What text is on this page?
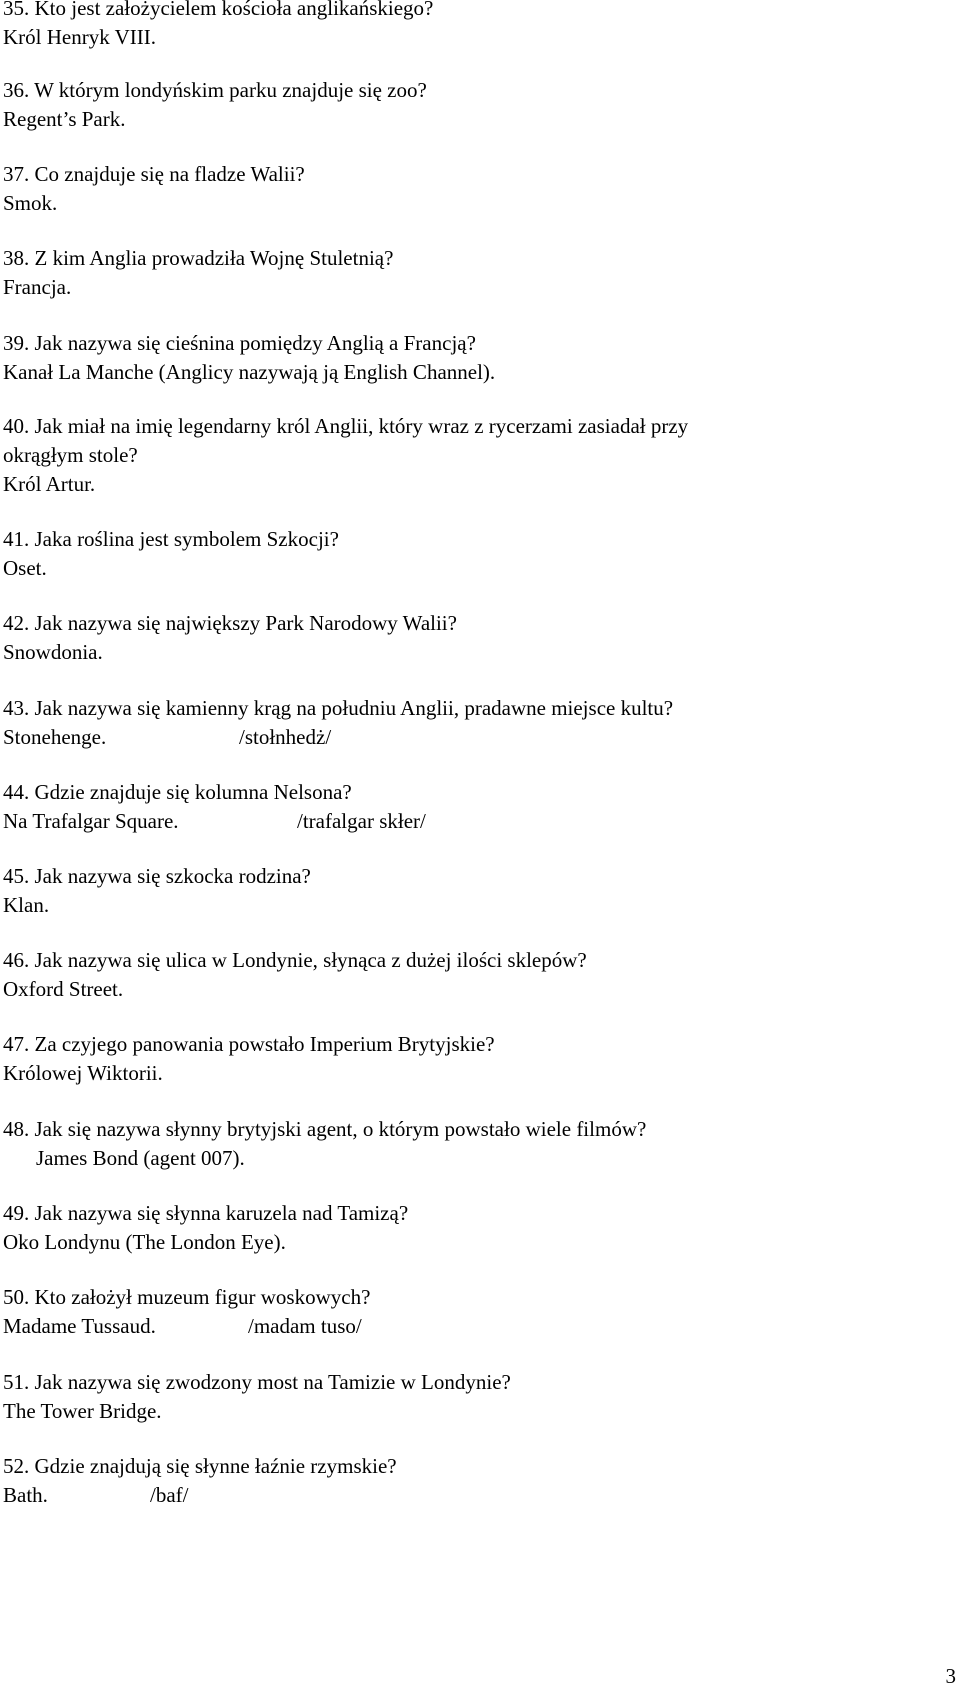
35. Kto jest założycielem kościoła anglikańskiego?
Król Henryk VIII.
36. W którym londyńskim parku znajduje się zoo?
Regent’s Park.
37. Co znajduje się na fladze Walii?
Smok.
38. Z kim Anglia prowadziła Wojnę Stuletnią?
Francja.
39. Jak nazywa się cieśnina pomiędzy Anglią a Francją?
Kanał La Manche (Anglicy nazywają ją English Channel).
40. Jak miał na imię legendarny król Anglii, który wraz z rycerzami zasiadał przy
okrągłym stole?
Król Artur.
41. Jaka roślina jest symbolem Szkocji?
Oset.
42. Jak nazywa się największy Park Narodowy Walii?
Snowdonia.
43. Jak nazywa się kamienny krąg na południu Anglii, pradawne miejsce kultu?
Stonehenge.	/stołnhedż/
44. Gdzie znajduje się kolumna Nelsona?
Na Trafalgar Square.	/trafalgar skłer/
45. Jak nazywa się szkocka rodzina?
Klan.
46. Jak nazywa się ulica w Londynie, słynąca z dużej ilości sklepów?
Oxford Street.
47. Za czyjego panowania powstało Imperium Brytyjskie?
Królowej Wiktorii.
48. Jak się nazywa słynny brytyjski agent, o którym powstało wiele filmów?
James Bond (agent 007).
49. Jak nazywa się słynna karuzela nad Tamizą?
Oko Londynu (The London Eye).
50. Kto założył muzeum figur woskowych?
Madame Tussaud.	/madam tuso/
51. Jak nazywa się zwodzony most na Tamizie w Londynie?
The Tower Bridge.
52. Gdzie znajdują się słynne łaźnie rzymskie?
Bath.	/baf/
3
